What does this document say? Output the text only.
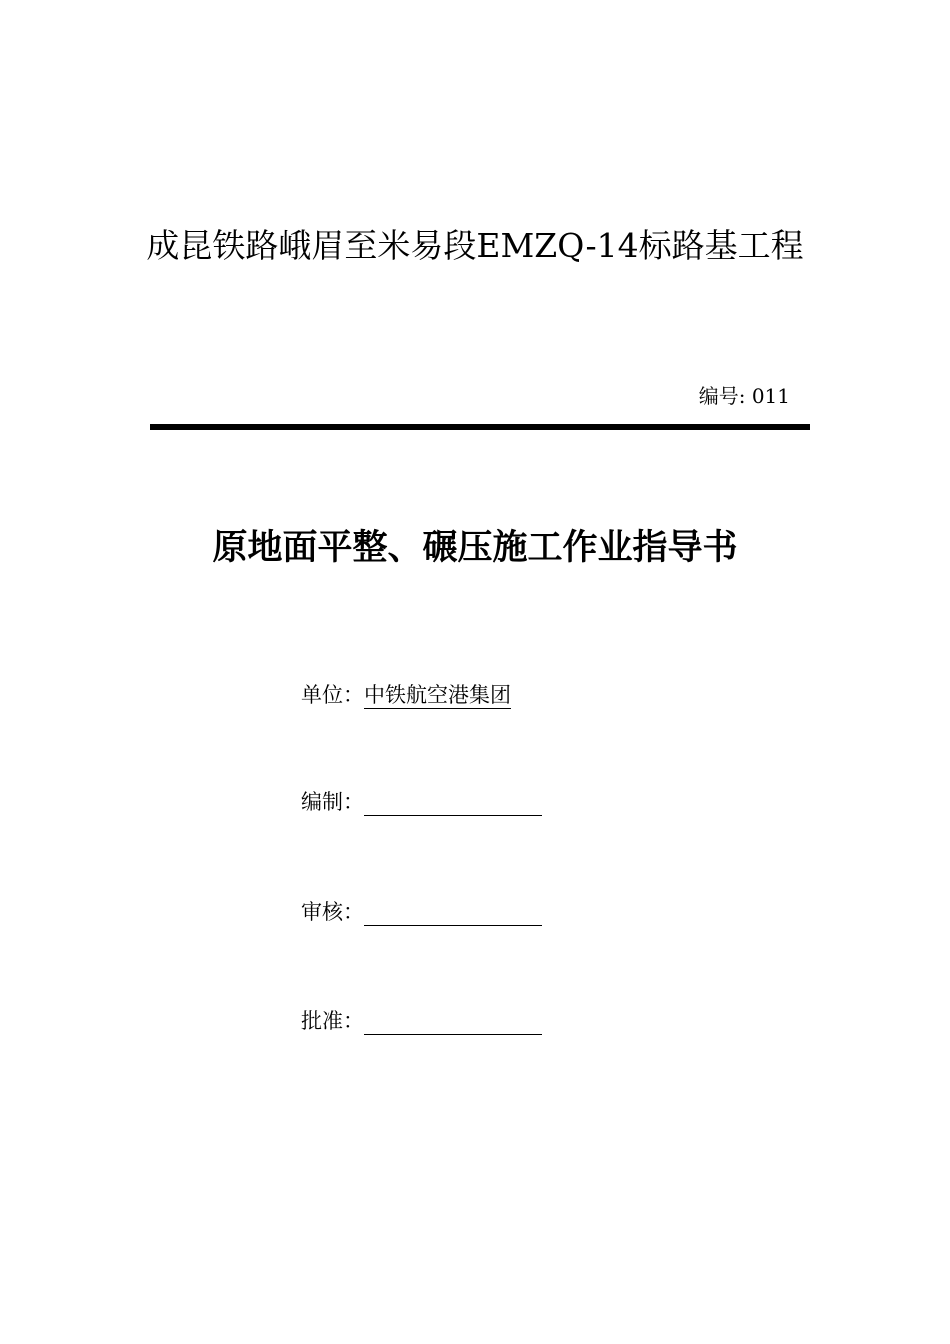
成昆铁路峨眉至米易段EMZQ-14标路基工程
编号: 011
原地面平整、碾压施工作业指导书
单位：中铁航空港集团
编制：
审核：
批准：
